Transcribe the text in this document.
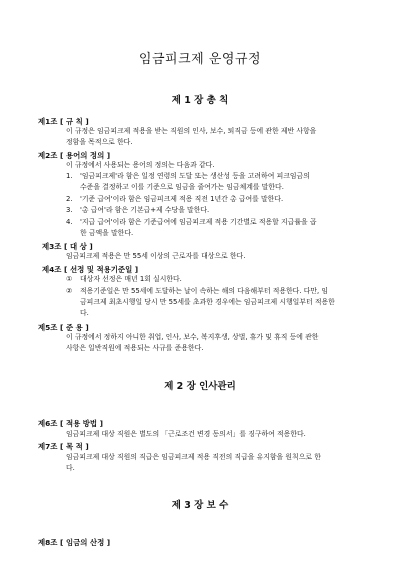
임금피크제 운영규정
제 1 장 총 칙
제1조 [ 규 칙 ]
이 규정은 임금피크제 적용을 받는 직원의 인사, 보수, 퇴직금 등에 관한 제반 사항을
정함을 목적으로 한다.
제2조 [ 용어의 정의 ]
이 규정에서 사용되는 용어의 정의는 다음과 같다.
1. '임금피크제'라 함은 일정 연령의 도달 또는 생산성 등을 고려하여 피크임금의
수준을 결정하고 이를 기준으로 임금을 줄여가는 임금체계를 말한다.
2. '기준 급여'이라 함은 임금피크제 적용 직전 1년간 총 급여를 말한다.
3. '총 급여'라 함은 기본급+제 수당을 말한다.
4. '지급 급여'이라 함은 기준급여에 임금피크제 적용 기간별로 적용할 지급률을 곱
한 금액을 말한다.
제3조 [ 대 상 ]
임금피크제 적용은 만 55세 이상의 근로자를 대상으로 한다.
제4조 [ 선정 및 적용기준일 ]
① 대상자 선정은 매년 1회 실시한다.
② 적용기준일은 만 55세에 도달하는 날이 속하는 해의 다음해부터 적용한다. 다만, 임
금피크제 최초시행일 당시 만 55세를 초과한 경우에는 임금피크제 시행일부터 적용한
다.
제5조 [ 준 용 ]
이 규정에서 정하지 아니한 취업, 인사, 보수, 복지후생, 상벌, 휴가 및 휴직 등에 관한
사항은 일반직원에 적용되는 사규를 준용한다.
제 2 장 인사관리
제6조 [ 적용 방법 ]
임금피크제 대상 직원은 별도의 「근로조건 변경 동의서」를 징구하여 적용한다.
제7조 [ 목 적 ]
임금피크제 대상 직원의 직급은 임금피크제 적용 직전의 직급을 유지함을 원칙으로 한
다.
제 3 장 보 수
제8조 [ 임금의 산정 ]
